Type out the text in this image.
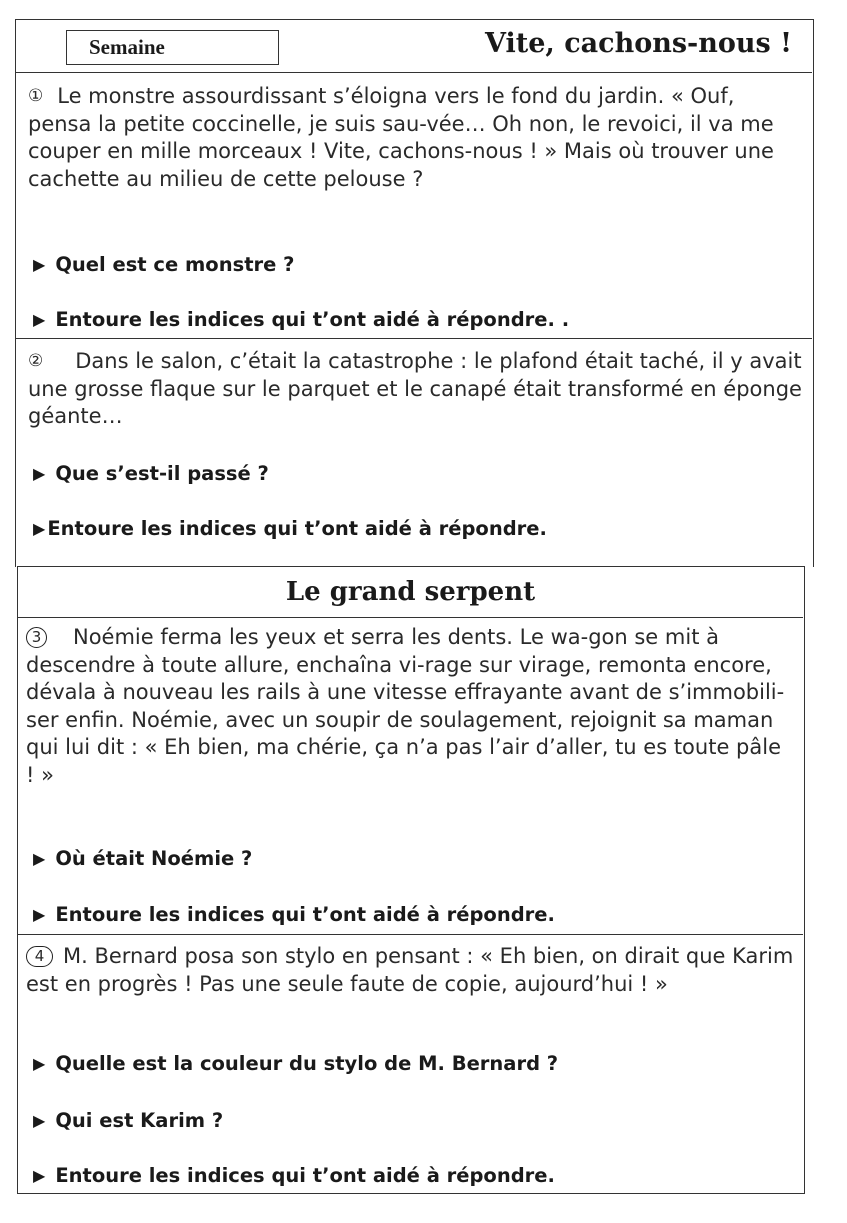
Semaine	Vite, cachons-nous !
① Le monstre assourdissant s’éloigna vers le fond du jardin. « Ouf, pensa la petite coccinelle, je suis sau-vée… Oh non, le revoici, il va me couper en mille morceaux ! Vite, cachons-nous ! » Mais où trouver une cachette au milieu de cette pelouse ?
▶ Quel est ce monstre ?
▶ Entoure les indices qui t’ont aidé à répondre. .
② Dans le salon, c’était la catastrophe : le plafond était taché, il y avait une grosse flaque sur le parquet et le canapé était transformé en éponge géante…
▶ Que s’est-il passé ?
▶ Entoure les indices qui t’ont aidé à répondre.
Le grand serpent
3 Noémie ferma les yeux et serra les dents. Le wa-gon se mit à descendre à toute allure, enchaîna vi-rage sur virage, remonta encore, dévala à nouveau les rails à une vitesse effrayante avant de s’immobili-ser enfin. Noémie, avec un soupir de soulagement, rejoignit sa maman qui lui dit : « Eh bien, ma chérie, ça n’a pas l’air d’aller, tu es toute pâle ! »
▶ Où était Noémie ?
▶ Entoure les indices qui t’ont aidé à répondre.
4 M. Bernard posa son stylo en pensant : « Eh bien, on dirait que Karim est en progrès ! Pas une seule faute de copie, aujourd’hui ! »
▶ Quelle est la couleur du stylo de M. Bernard ?
▶ Qui est Karim ?
▶ Entoure les indices qui t’ont aidé à répondre.
